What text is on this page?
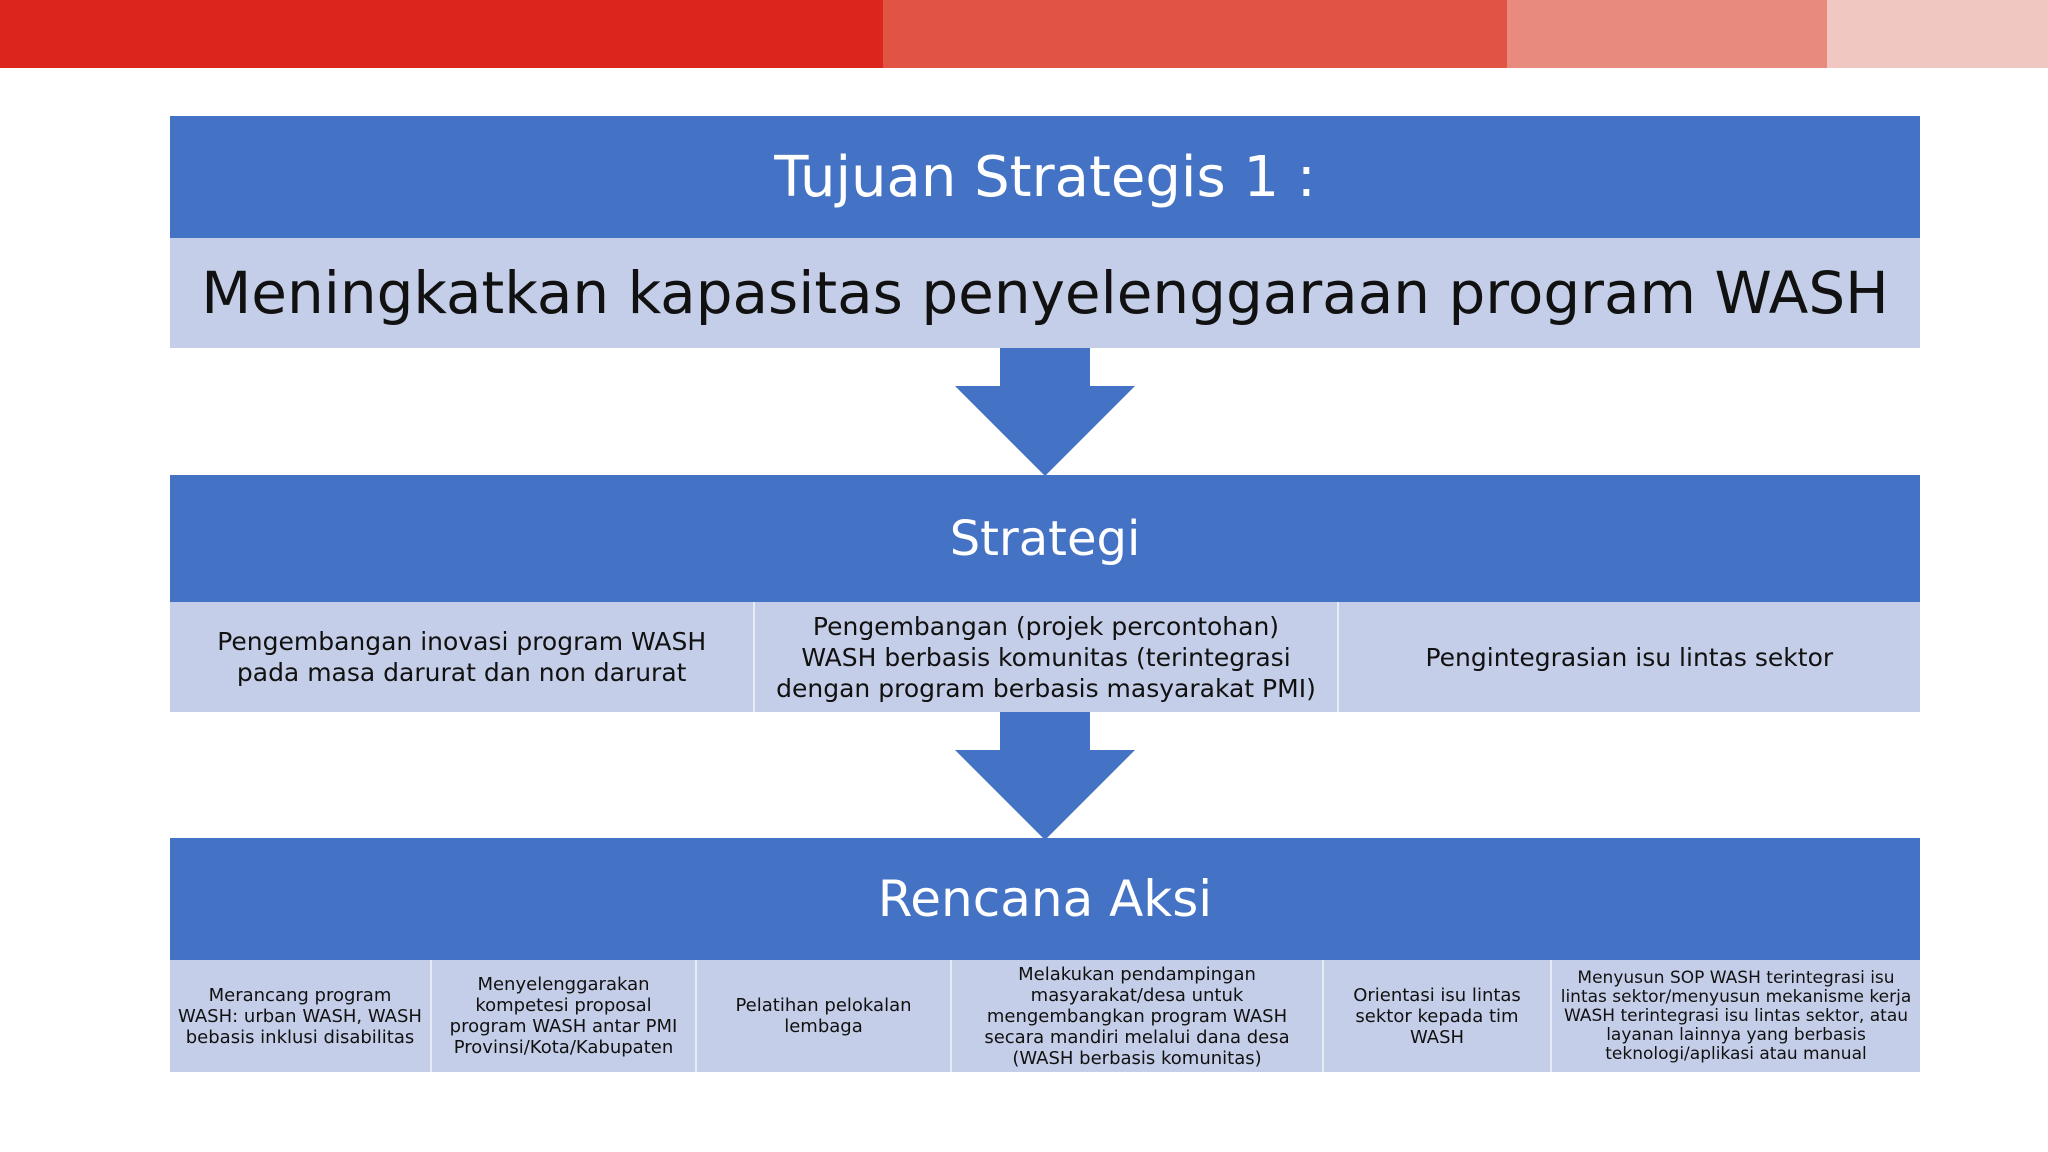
Tujuan Strategis 1 :
Meningkatkan kapasitas penyelenggaraan program WASH
Strategi
Pengembangan inovasi program WASH pada masa darurat dan non darurat
Pengembangan (projek percontohan) WASH berbasis komunitas (terintegrasi dengan program berbasis masyarakat PMI)
Pengintegrasian isu lintas sektor
Rencana Aksi
Merancang program WASH: urban WASH, WASH bebasis inklusi disabilitas
Menyelenggarakan kompetesi proposal program WASH antar PMI Provinsi/Kota/Kabupaten
Pelatihan pelokalan lembaga
Melakukan pendampingan masyarakat/desa untuk mengembangkan program WASH secara mandiri melalui dana desa (WASH berbasis komunitas)
Orientasi isu lintas sektor kepada tim WASH
Menyusun SOP WASH terintegrasi isu lintas sektor/menyusun mekanisme kerja WASH terintegrasi isu lintas sektor, atau layanan lainnya yang berbasis teknologi/aplikasi atau manual
